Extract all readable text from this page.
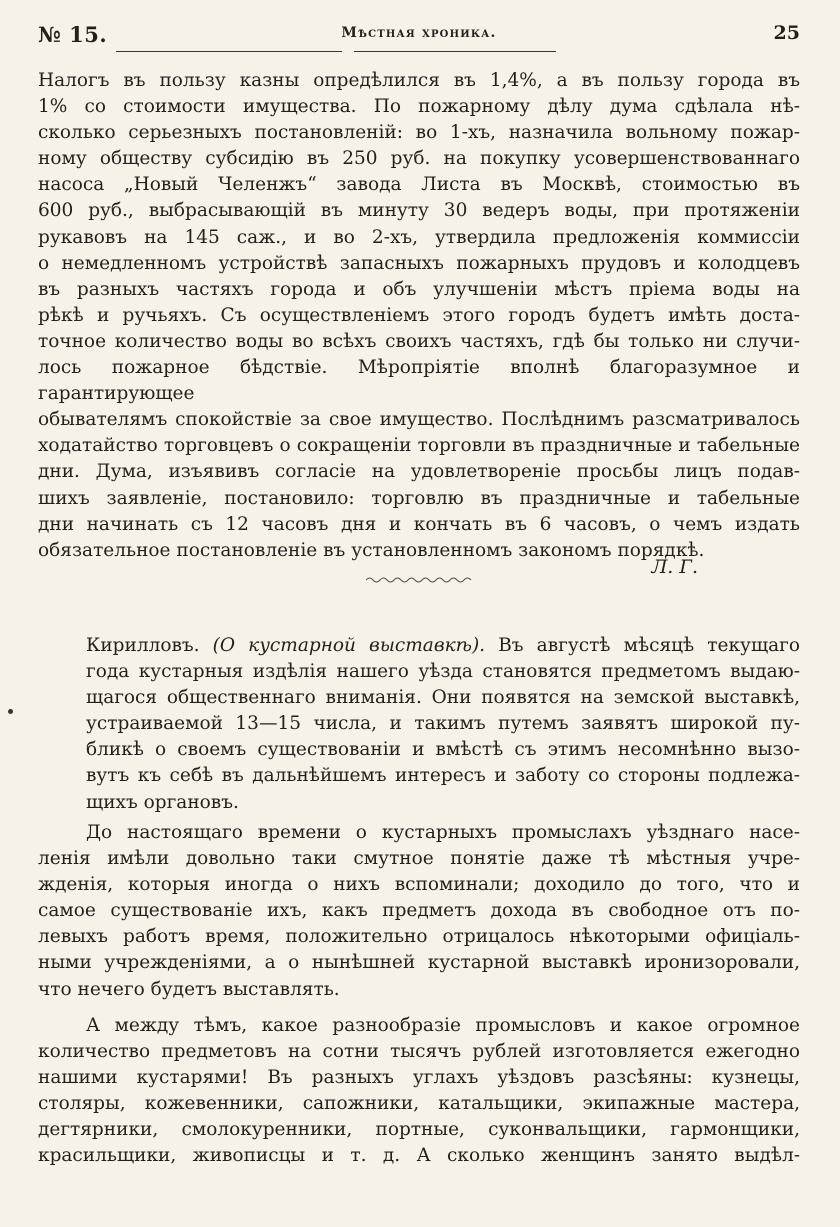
№ 15.	Мѣстная хроника.	25
Налогъ въ пользу казны опредѣлился въ 1,4%, а въ пользу города въ
1% со стоимости имущества. По пожарному дѣлу дума сдѣлала нѣ-
сколько серьезныхъ постановленій: во 1-хъ, назначила вольному пожар-
ному обществу субсидію въ 250 руб. на покупку усовершенствованнаго
насоса „Новый Челенжъ“ завода Листа въ Москвѣ, стоимостью въ
600 руб., выбрасывающій въ минуту 30 ведеръ воды, при протяженіи
рукавовъ на 145 саж., и во 2-хъ, утвердила предложенія коммиссіи
о немедленномъ устройствѣ запасныхъ пожарныхъ прудовъ и колодцевъ
въ разныхъ частяхъ города и объ улучшеніи мѣстъ пріема воды на
рѣкѣ и ручьяхъ. Съ осуществленіемъ этого городъ будетъ имѣть доста-
точное количество воды во всѣхъ своихъ частяхъ, гдѣ бы только ни случи-
лось пожарное бѣдствіе. Мѣропріятіе вполнѣ благоразумное и гарантирующее
обывателямъ спокойствіе за свое имущество. Послѣднимъ разсматривалось
ходатайство торговцевъ о сокращеніи торговли въ праздничные и табельные
дни. Дума, изъявивъ согласіе на удовлетвореніе просьбы лицъ подав-
шихъ заявленіе, постановило: торговлю въ праздничные и табельные
дни начинать съ 12 часовъ дня и кончать въ 6 часовъ, о чемъ издать
обязательное постановленіе въ установленномъ закономъ порядкѣ.
Л. Г.
Кирилловъ. (О кустарной выставкѣ). Въ августѣ мѣсяцѣ текущаго
года кустарныя издѣлія нашего уѣзда становятся предметомъ выдаю-
щагося общественнаго вниманія. Они появятся на земской выставкѣ,
устраиваемой 13—15 числа, и такимъ путемъ заявятъ широкой пу-
бликѣ о своемъ существованіи и вмѣстѣ съ этимъ несомнѣнно вызо-
вутъ къ себѣ въ дальнѣйшемъ интересъ и заботу со стороны подлежа-
щихъ органовъ.
До настоящаго времени о кустарныхъ промыслахъ уѣзднаго насе-
ленія имѣли довольно таки смутное понятіе даже тѣ мѣстныя учре-
жденія, которыя иногда о нихъ вспоминали; доходило до того, что и
самое существованіе ихъ, какъ предметъ дохода въ свободное отъ по-
левыхъ работъ время, положительно отрицалось нѣкоторыми офиціаль-
ными учрежденіями, а о нынѣшней кустарной выставкѣ иронизоровали,
что нечего будетъ выставлять.
А между тѣмъ, какое разнообразіе промысловъ и какое огромное
количество предметовъ на сотни тысячъ рублей изготовляется ежегодно
нашими кустарями! Въ разныхъ углахъ уѣздовъ разсѣяны: кузнецы,
столяры, кожевенники, сапожники, катальщики, экипажные мастера,
дегтярники, смолокуренники, портные, суконвальщики, гармонщики,
красильщики, живописцы и т. д. А сколько женщинъ занято выдѣл-
